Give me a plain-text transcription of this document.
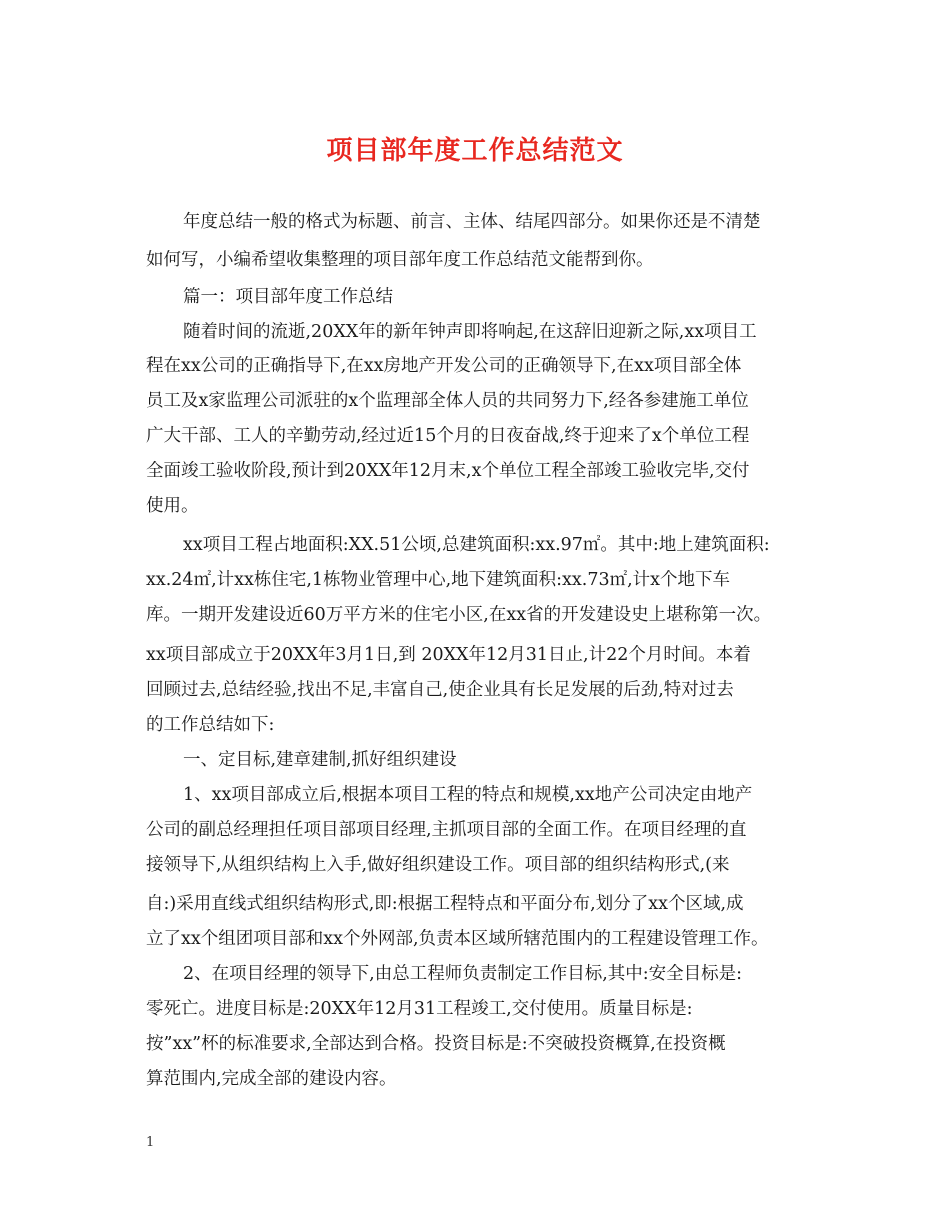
项目部年度工作总结范文
年度总结一般的格式为标题、前言、主体、结尾四部分。如果你还是不清楚
如何写，小编希望收集整理的项目部年度工作总结范文能帮到你。
篇一：项目部年度工作总结
随着时间的流逝,20XX年的新年钟声即将响起,在这辞旧迎新之际,xx项目工
程在xx公司的正确指导下,在xx房地产开发公司的正确领导下,在xx项目部全体
员工及x家监理公司派驻的x个监理部全体人员的共同努力下,经各参建施工单位
广大干部、工人的辛勤劳动,经过近15个月的日夜奋战,终于迎来了x个单位工程
全面竣工验收阶段,预计到20XX年12月末,x个单位工程全部竣工验收完毕,交付
使用。
xx项目工程占地面积:XX.51公顷,总建筑面积:xx.97㎡。其中:地上建筑面积:
xx.24㎡,计xx栋住宅,1栋物业管理中心,地下建筑面积:xx.73㎡,计x个地下车
库。一期开发建设近60万平方米的住宅小区,在xx省的开发建设史上堪称第一次。
xx项目部成立于20XX年3月1日,到 20XX年12月31日止,计22个月时间。本着
回顾过去,总结经验,找出不足,丰富自己,使企业具有长足发展的后劲,特对过去
的工作总结如下:
一、定目标,建章建制,抓好组织建设
1、xx项目部成立后,根据本项目工程的特点和规模,xx地产公司决定由地产
公司的副总经理担任项目部项目经理,主抓项目部的全面工作。在项目经理的直
接领导下,从组织结构上入手,做好组织建设工作。项目部的组织结构形式,(来
自:)采用直线式组织结构形式,即:根据工程特点和平面分布,划分了xx个区域,成
立了xx个组团项目部和xx个外网部,负责本区域所辖范围内的工程建设管理工作。
2、在项目经理的领导下,由总工程师负责制定工作目标,其中:安全目标是:
零死亡。进度目标是:20XX年12月31工程竣工,交付使用。质量目标是:
按”xx”杯的标准要求,全部达到合格。投资目标是:不突破投资概算,在投资概
算范围内,完成全部的建设内容。
1
